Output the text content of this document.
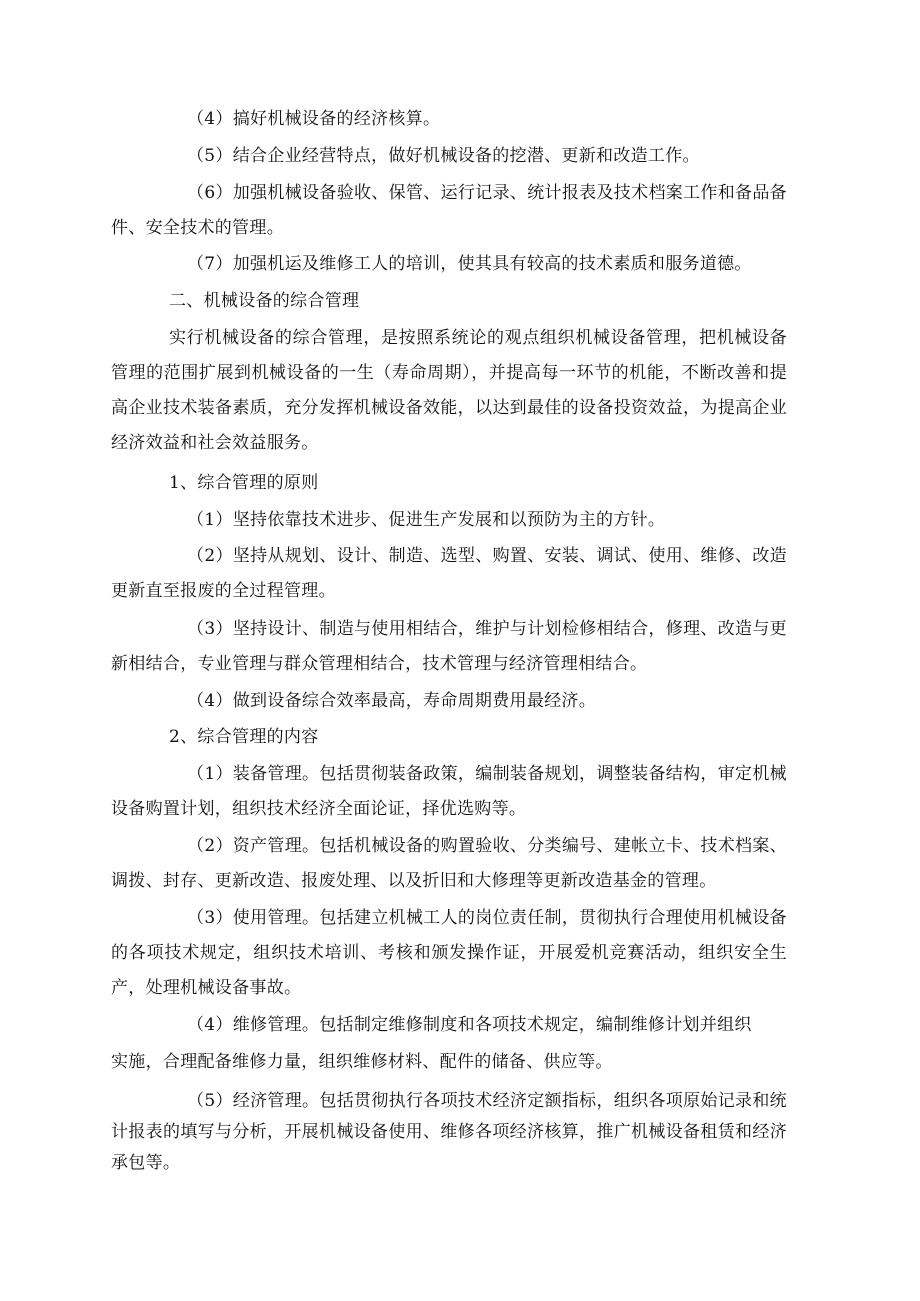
（4）搞好机械设备的经济核算。

（5）结合企业经营特点，做好机械设备的挖潜、更新和改造工作。

（6）加强机械设备验收、保管、运行记录、统计报表及技术档案工作和备品备件、安全技术的管理。

（7）加强机运及维修工人的培训，使其具有较高的技术素质和服务道德。

二、机械设备的综合管理

实行机械设备的综合管理，是按照系统论的观点组织机械设备管理，把机械设备管理的范围扩展到机械设备的一生（寿命周期），并提高每一环节的机能，不断改善和提高企业技术装备素质，充分发挥机械设备效能，以达到最佳的设备投资效益，为提高企业经济效益和社会效益服务。

1、综合管理的原则

（1）坚持依靠技术进步、促进生产发展和以预防为主的方针。

（2）坚持从规划、设计、制造、选型、购置、安装、调试、使用、维修、改造更新直至报废的全过程管理。

（3）坚持设计、制造与使用相结合，维护与计划检修相结合，修理、改造与更新相结合，专业管理与群众管理相结合，技术管理与经济管理相结合。

（4）做到设备综合效率最高，寿命周期费用最经济。

2、综合管理的内容

（1）装备管理。包括贯彻装备政策，编制装备规划，调整装备结构，审定机械设备购置计划，组织技术经济全面论证，择优选购等。

（2）资产管理。包括机械设备的购置验收、分类编号、建帐立卡、技术档案、调拨、封存、更新改造、报废处理、以及折旧和大修理等更新改造基金的管理。

（3）使用管理。包括建立机械工人的岗位责任制，贯彻执行合理使用机械设备的各项技术规定，组织技术培训、考核和颁发操作证，开展爱机竞赛活动，组织安全生产，处理机械设备事故。

（4）维修管理。包括制定维修制度和各项技术规定，编制维修计划并组织

实施，合理配备维修力量，组织维修材料、配件的储备、供应等。

（5）经济管理。包括贯彻执行各项技术经济定额指标，组织各项原始记录和统计报表的填写与分析，开展机械设备使用、维修各项经济核算，推广机械设备租赁和经济承包等。
